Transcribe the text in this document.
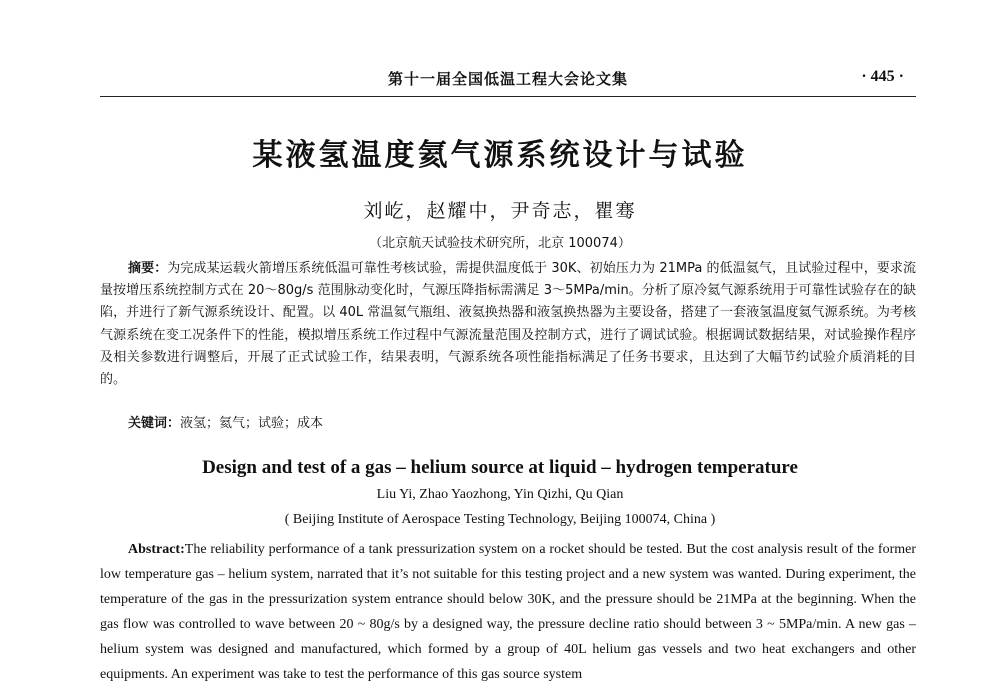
第十一届全国低温工程大会论文集	· 445 ·
某液氢温度氦气源系统设计与试验
刘屹，赵耀中，尹奇志，瞿骞
（北京航天试验技术研究所，北京 100074）
摘要：为完成某运载火箭增压系统低温可靠性考核试验，需提供温度低于 30K、初始压力为 21MPa 的低温氦气，且试验过程中，要求流量按增压系统控制方式在 20～80g/s 范围脉动变化时，气源压降指标需满足 3～5MPa/min。分析了原冷氦气源系统用于可靠性试验存在的缺陷，并进行了新气源系统设计、配置。以 40L 常温氦气瓶组、液氦换热器和液氢换热器为主要设备，搭建了一套液氢温度氦气源系统。为考核气源系统在变工况条件下的性能，模拟增压系统工作过程中气源流量范围及控制方式，进行了调试试验。根据调试数据结果，对试验操作程序及相关参数进行调整后，开展了正式试验工作，结果表明，气源系统各项性能指标满足了任务书要求，且达到了大幅节约试验介质消耗的目的。
关键词：液氢；氦气；试验；成本
Design and test of a gas – helium source at liquid – hydrogen temperature
Liu Yi, Zhao Yaozhong, Yin Qizhi, Qu Qian
( Beijing Institute of Aerospace Testing Technology, Beijing 100074, China )
Abstract:The reliability performance of a tank pressurization system on a rocket should be tested. But the cost analysis result of the former low temperature gas – helium system, narrated that it’s not suitable for this testing project and a new system was wanted. During experiment, the temperature of the gas in the pressurization system entrance should below 30K, and the pressure should be 21MPa at the beginning. When the gas flow was controlled to wave between 20 ~ 80g/s by a designed way, the pressure decline ratio should between 3 ~ 5MPa/min. A new gas – helium system was designed and manufactured, which formed by a group of 40L helium gas vessels and two heat exchangers and other equipments. An experiment was take to test the performance of this gas source system
